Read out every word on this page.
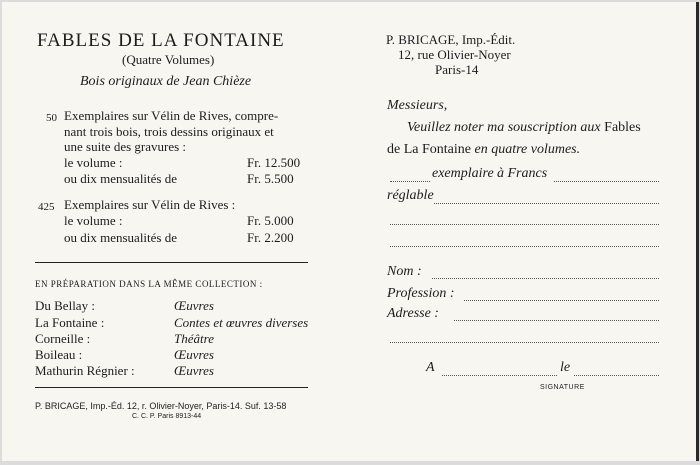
FABLES DE LA FONTAINE
(Quatre Volumes)
Bois originaux de Jean Chièze
50 Exemplaires sur Vélin de Rives, compre-
nant trois bois, trois dessins originaux et
une suite des gravures :
le volume :	Fr. 12.500
ou dix mensualités de	Fr. 5.500
425 Exemplaires sur Vélin de Rives :
le volume :	Fr. 5.000
ou dix mensualités de	Fr. 2.200
EN PRÉPARATION DANS LA MÊME COLLECTION :
Du Bellay :	Œuvres
La Fontaine :	Contes et œuvres diverses
Corneille :	Théâtre
Boileau :	Œuvres
Mathurin Régnier :	Œuvres
P. BRICAGE, Imp.-Éd. 12, r. Olivier-Noyer, Paris-14. Suf. 13-58
C. C. P. Paris 8913-44
P. BRICAGE, Imp.-Édit.
12, rue Olivier-Noyer
Paris-14
Messieurs,
Veuillez noter ma souscription aux Fables
de La Fontaine en quatre volumes.
exemplaire à Francs
réglable
Nom :
Profession :
Adresse :
A	le
SIGNATURE
